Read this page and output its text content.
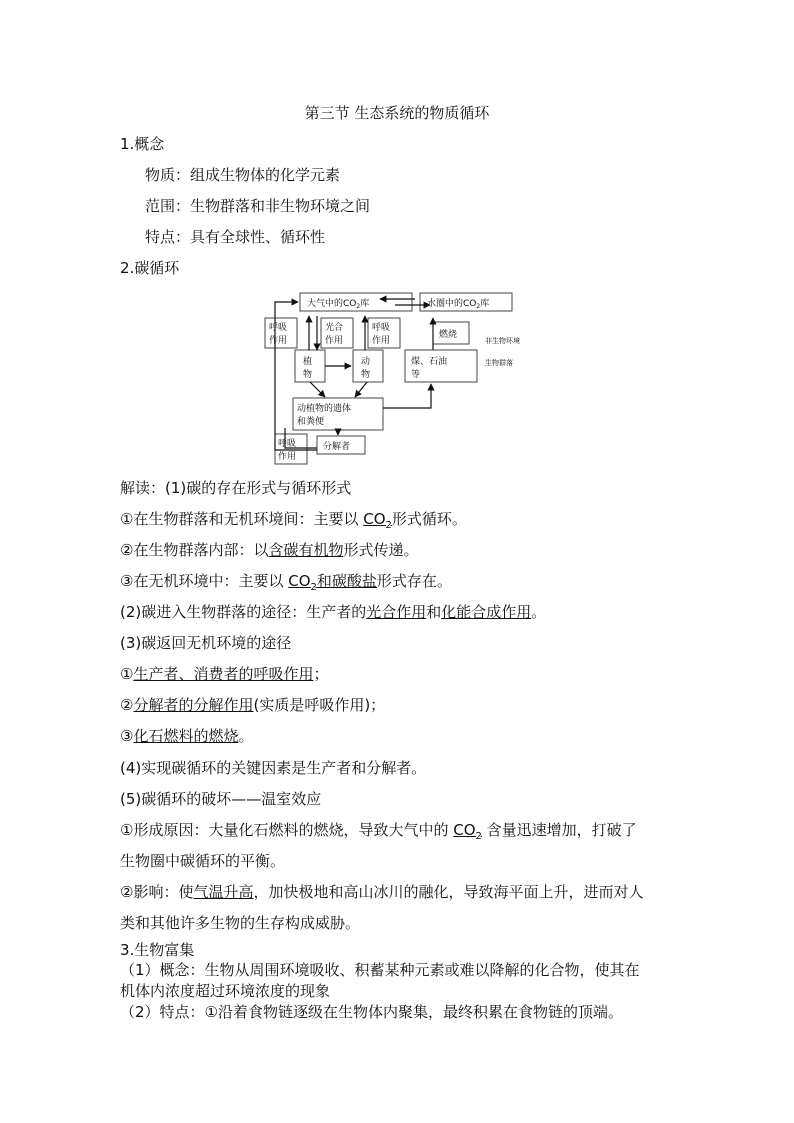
第三节 生态系统的物质循环
1.概念
物质：组成生物体的化学元素
范围：生物群落和非生物环境之间
特点：具有全球性、循环性
2.碳循环
大气中的$CO_2$库	水圈中的$CO_2$库
呼吸
作用
光合
作用
呼吸
作用
燃烧
植
物
动
物
煤、石油
等
动植物的遗体
和粪便
呼吸
作用
分解者
非生物环境
生物群落
解读：(1)碳的存在形式与循环形式
①在生物群落和无机环境间：主要以 $CO_2$形式循环。
②在生物群落内部：以含碳有机物形式传递。
③在无机环境中：主要以 $CO_2$和碳酸盐形式存在。
(2)碳进入生物群落的途径：生产者的光合作用和化能合成作用。
(3)碳返回无机环境的途径
①生产者、消费者的呼吸作用；
②分解者的分解作用(实质是呼吸作用)；
③化石燃料的燃烧。
(4)实现碳循环的关键因素是生产者和分解者。
(5)碳循环的破坏——温室效应
①形成原因：大量化石燃料的燃烧，导致大气中的 $CO_2$ 含量迅速增加，打破了
生物圈中碳循环的平衡。
②影响：使气温升高，加快极地和高山冰川的融化，导致海平面上升，进而对人
类和其他许多生物的生存构成威胁。
3.生物富集
（1）概念：生物从周围环境吸收、积蓄某种元素或难以降解的化合物，使其在
机体内浓度超过环境浓度的现象
（2）特点：①沿着食物链逐级在生物体内聚集，最终积累在食物链的顶端。
